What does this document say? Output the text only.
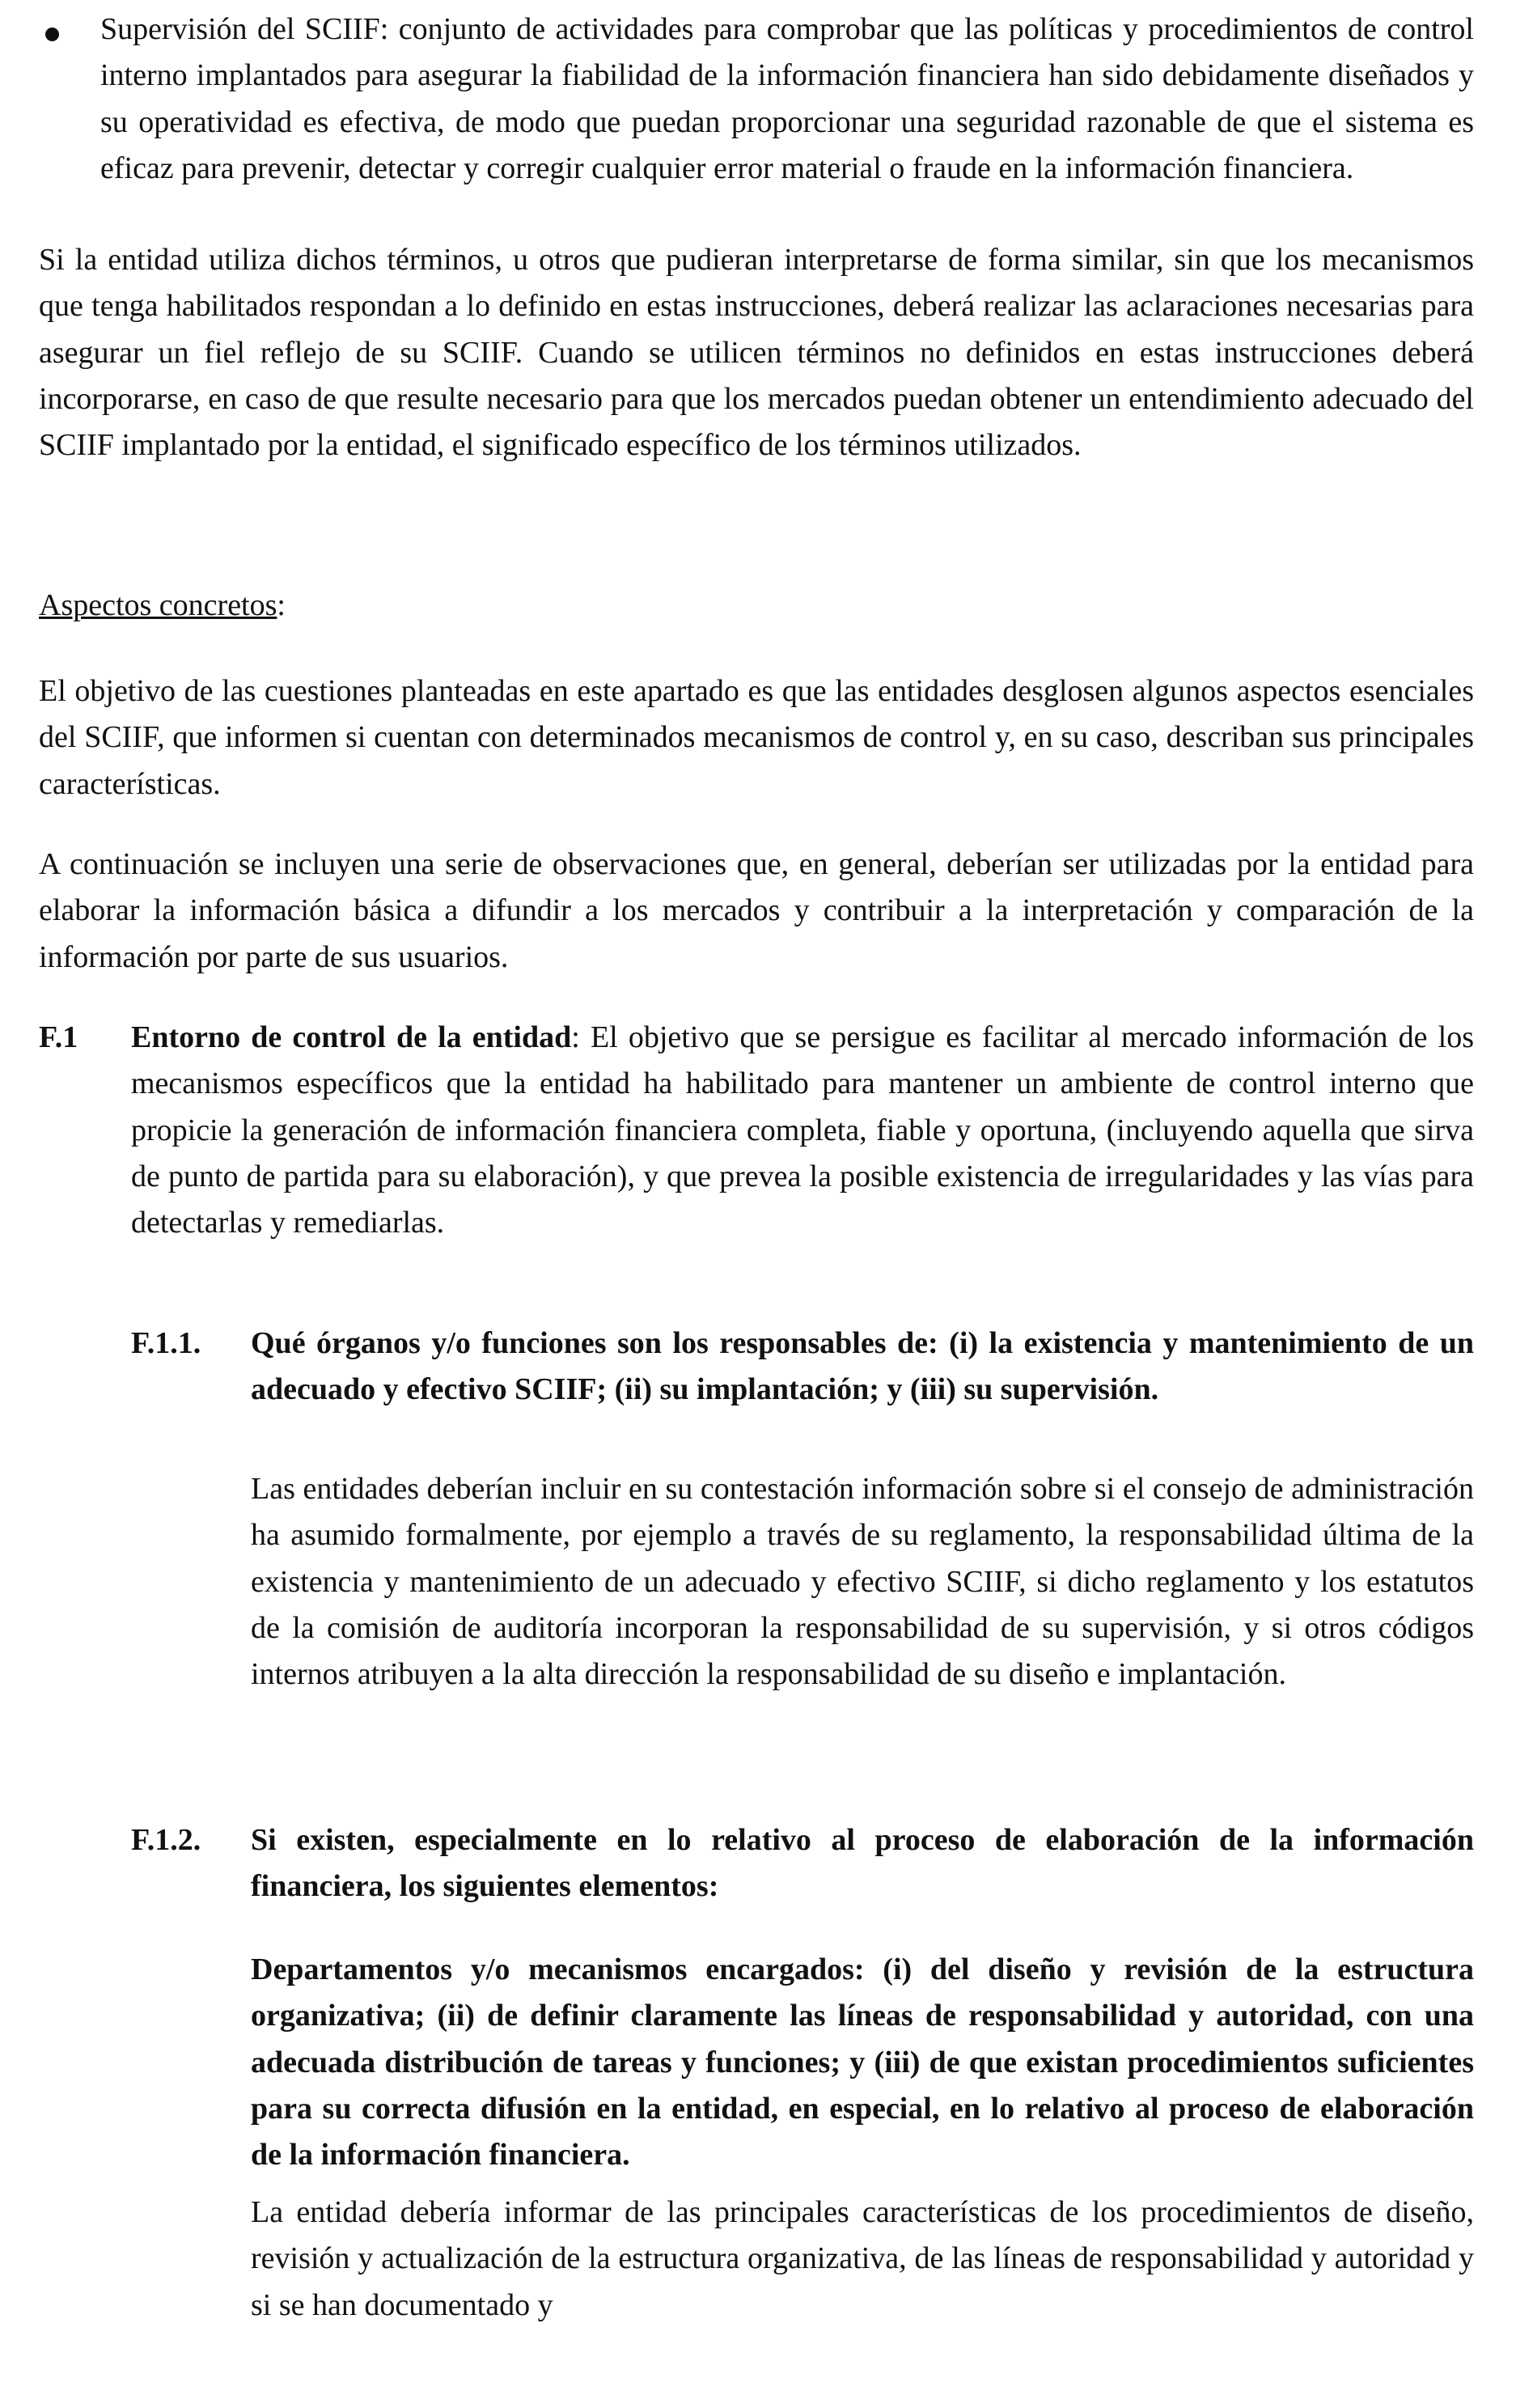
Supervisión del SCIIF: conjunto de actividades para comprobar que las políticas y procedimientos de control interno implantados para asegurar la fiabilidad de la información financiera han sido debidamente diseñados y su operatividad es efectiva, de modo que puedan proporcionar una seguridad razonable de que el sistema es eficaz para prevenir, detectar y corregir cualquier error material o fraude en la información financiera.

Si la entidad utiliza dichos términos, u otros que pudieran interpretarse de forma similar, sin que los mecanismos que tenga habilitados respondan a lo definido en estas instrucciones, deberá realizar las aclaraciones necesarias para asegurar un fiel reflejo de su SCIIF. Cuando se utilicen términos no definidos en estas instrucciones deberá incorporarse, en caso de que resulte necesario para que los mercados puedan obtener un entendimiento adecuado del SCIIF implantado por la entidad, el significado específico de los términos utilizados.

Aspectos concretos:

El objetivo de las cuestiones planteadas en este apartado es que las entidades desglosen algunos aspectos esenciales del SCIIF, que informen si cuentan con determinados mecanismos de control y, en su caso, describan sus principales características.

A continuación se incluyen una serie de observaciones que, en general, deberían ser utilizadas por la entidad para elaborar la información básica a difundir a los mercados y contribuir a la interpretación y comparación de la información por parte de sus usuarios.

F.1 Entorno de control de la entidad: El objetivo que se persigue es facilitar al mercado información de los mecanismos específicos que la entidad ha habilitado para mantener un ambiente de control interno que propicie la generación de información financiera completa, fiable y oportuna, (incluyendo aquella que sirva de punto de partida para su elaboración), y que prevea la posible existencia de irregularidades y las vías para detectarlas y remediarlas.

F.1.1. Qué órganos y/o funciones son los responsables de: (i) la existencia y mantenimiento de un adecuado y efectivo SCIIF; (ii) su implantación; y (iii) su supervisión.

Las entidades deberían incluir en su contestación información sobre si el consejo de administración ha asumido formalmente, por ejemplo a través de su reglamento, la responsabilidad última de la existencia y mantenimiento de un adecuado y efectivo SCIIF, si dicho reglamento y los estatutos de la comisión de auditoría incorporan la responsabilidad de su supervisión, y si otros códigos internos atribuyen a la alta dirección la responsabilidad de su diseño e implantación.

F.1.2. Si existen, especialmente en lo relativo al proceso de elaboración de la información financiera, los siguientes elementos:

Departamentos y/o mecanismos encargados: (i) del diseño y revisión de la estructura organizativa; (ii) de definir claramente las líneas de responsabilidad y autoridad, con una adecuada distribución de tareas y funciones; y (iii) de que existan procedimientos suficientes para su correcta difusión en la entidad, en especial, en lo relativo al proceso de elaboración de la información financiera.

La entidad debería informar de las principales características de los procedimientos de diseño, revisión y actualización de la estructura organizativa, de las líneas de responsabilidad y autoridad y si se han documentado y
